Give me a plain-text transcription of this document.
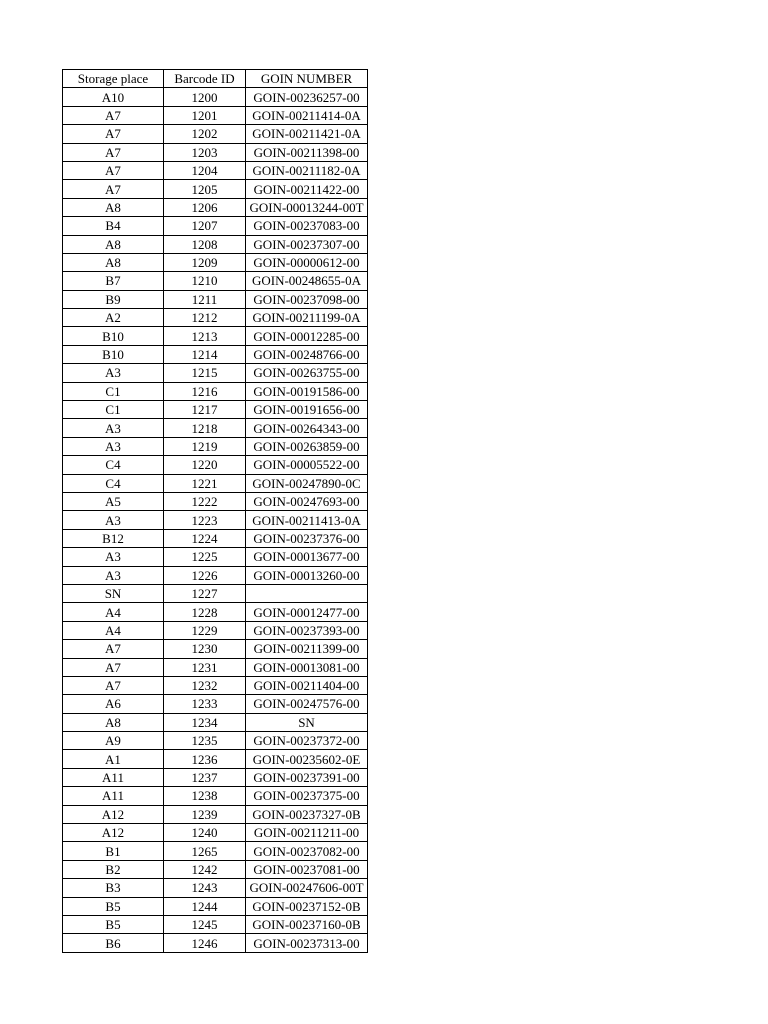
Storage place	Barcode ID	GOIN NUMBER
A10	1200	GOIN-00236257-00
A7	1201	GOIN-00211414-0A
A7	1202	GOIN-00211421-0A
A7	1203	GOIN-00211398-00
A7	1204	GOIN-00211182-0A
A7	1205	GOIN-00211422-00
A8	1206	GOIN-00013244-00T
B4	1207	GOIN-00237083-00
A8	1208	GOIN-00237307-00
A8	1209	GOIN-00000612-00
B7	1210	GOIN-00248655-0A
B9	1211	GOIN-00237098-00
A2	1212	GOIN-00211199-0A
B10	1213	GOIN-00012285-00
B10	1214	GOIN-00248766-00
A3	1215	GOIN-00263755-00
C1	1216	GOIN-00191586-00
C1	1217	GOIN-00191656-00
A3	1218	GOIN-00264343-00
A3	1219	GOIN-00263859-00
C4	1220	GOIN-00005522-00
C4	1221	GOIN-00247890-0C
A5	1222	GOIN-00247693-00
A3	1223	GOIN-00211413-0A
B12	1224	GOIN-00237376-00
A3	1225	GOIN-00013677-00
A3	1226	GOIN-00013260-00
SN	1227	
A4	1228	GOIN-00012477-00
A4	1229	GOIN-00237393-00
A7	1230	GOIN-00211399-00
A7	1231	GOIN-00013081-00
A7	1232	GOIN-00211404-00
A6	1233	GOIN-00247576-00
A8	1234	SN
A9	1235	GOIN-00237372-00
A1	1236	GOIN-00235602-0E
A11	1237	GOIN-00237391-00
A11	1238	GOIN-00237375-00
A12	1239	GOIN-00237327-0B
A12	1240	GOIN-00211211-00
B1	1265	GOIN-00237082-00
B2	1242	GOIN-00237081-00
B3	1243	GOIN-00247606-00T
B5	1244	GOIN-00237152-0B
B5	1245	GOIN-00237160-0B
B6	1246	GOIN-00237313-00
